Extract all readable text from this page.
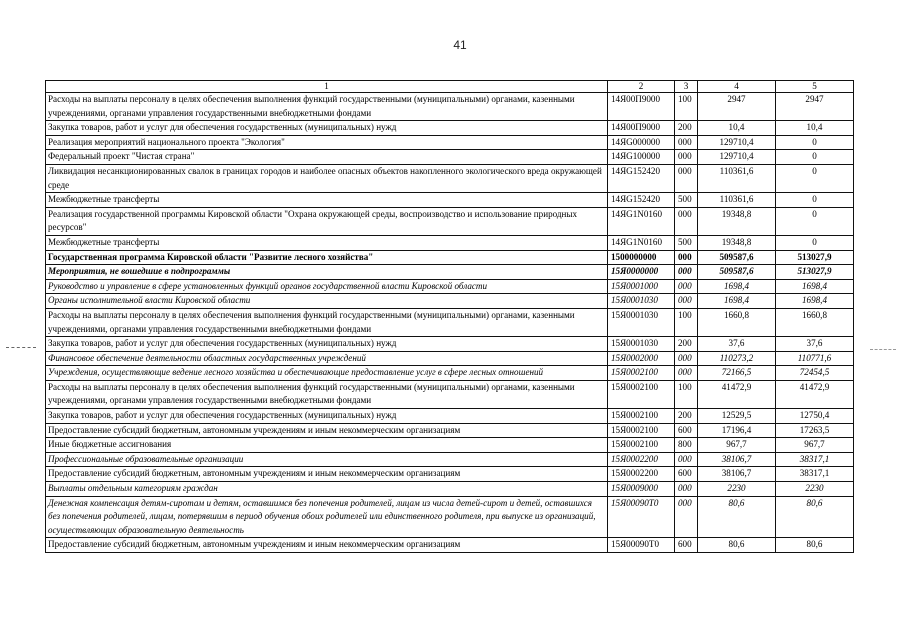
41
1	2	3	4	5
Расходы на выплаты персоналу в целях обеспечения выполнения функций государственными (муниципальными) органами, казенными учреждениями, органами управления государственными внебюджетными фондами	14Я00П9000	100	2947	2947
Закупка товаров, работ и услуг для обеспечения государственных (муниципальных) нужд	14Я00П9000	200	10,4	10,4
Реализация мероприятий национального проекта "Экология"	14ЯG000000	000	129710,4	0
Федеральный проект "Чистая страна"	14ЯG100000	000	129710,4	0
Ликвидация несанкционированных свалок в границах городов и наиболее опасных объектов накопленного экологического вреда окружающей среде	14ЯG152420	000	110361,6	0
Межбюджетные трансферты	14ЯG152420	500	110361,6	0
Реализация государственной программы Кировской области "Охрана окружающей среды, воспроизводство и использование природных ресурсов"	14ЯG1N0160	000	19348,8	0
Межбюджетные трансферты	14ЯG1N0160	500	19348,8	0
Государственная программа Кировской области "Развитие лесного хозяйства"	1500000000	000	509587,6	513027,9
Мероприятия, не вошедшие в подпрограммы	15Я0000000	000	509587,6	513027,9
Руководство и управление в сфере установленных функций органов государственной власти Кировской области	15Я0001000	000	1698,4	1698,4
Органы исполнительной власти Кировской области	15Я0001030	000	1698,4	1698,4
Расходы на выплаты персоналу в целях обеспечения выполнения функций государственными (муниципальными) органами, казенными учреждениями, органами управления государственными внебюджетными фондами	15Я0001030	100	1660,8	1660,8
Закупка товаров, работ и услуг для обеспечения государственных (муниципальных) нужд	15Я0001030	200	37,6	37,6
Финансовое обеспечение деятельности областных государственных учреждений	15Я0002000	000	110273,2	110771,6
Учреждения, осуществляющие ведение лесного хозяйства и обеспечивающие предоставление услуг в сфере лесных отношений	15Я0002100	000	72166,5	72454,5
Расходы на выплаты персоналу в целях обеспечения выполнения функций государственными (муниципальными) органами, казенными учреждениями, органами управления государственными внебюджетными фондами	15Я0002100	100	41472,9	41472,9
Закупка товаров, работ и услуг для обеспечения государственных (муниципальных) нужд	15Я0002100	200	12529,5	12750,4
Предоставление субсидий бюджетным, автономным учреждениям и иным некоммерческим организациям	15Я0002100	600	17196,4	17263,5
Иные бюджетные ассигнования	15Я0002100	800	967,7	967,7
Профессиональные образовательные организации	15Я0002200	000	38106,7	38317,1
Предоставление субсидий бюджетным, автономным учреждениям и иным некоммерческим организациям	15Я0002200	600	38106,7	38317,1
Выплаты отдельным категориям граждан	15Я0009000	000	2230	2230
Денежная компенсация детям-сиротам и детям, оставшимся без попечения родителей, лицам из числа детей-сирот и детей, оставшихся без попечения родителей, лицам, потерявшим в период обучения обоих родителей или единственного родителя, при выпуске из организаций, осуществляющих образовательную деятельность	15Я00090Т0	000	80,6	80,6
Предоставление субсидий бюджетным, автономным учреждениям и иным некоммерческим организациям	15Я00090Т0	600	80,6	80,6
